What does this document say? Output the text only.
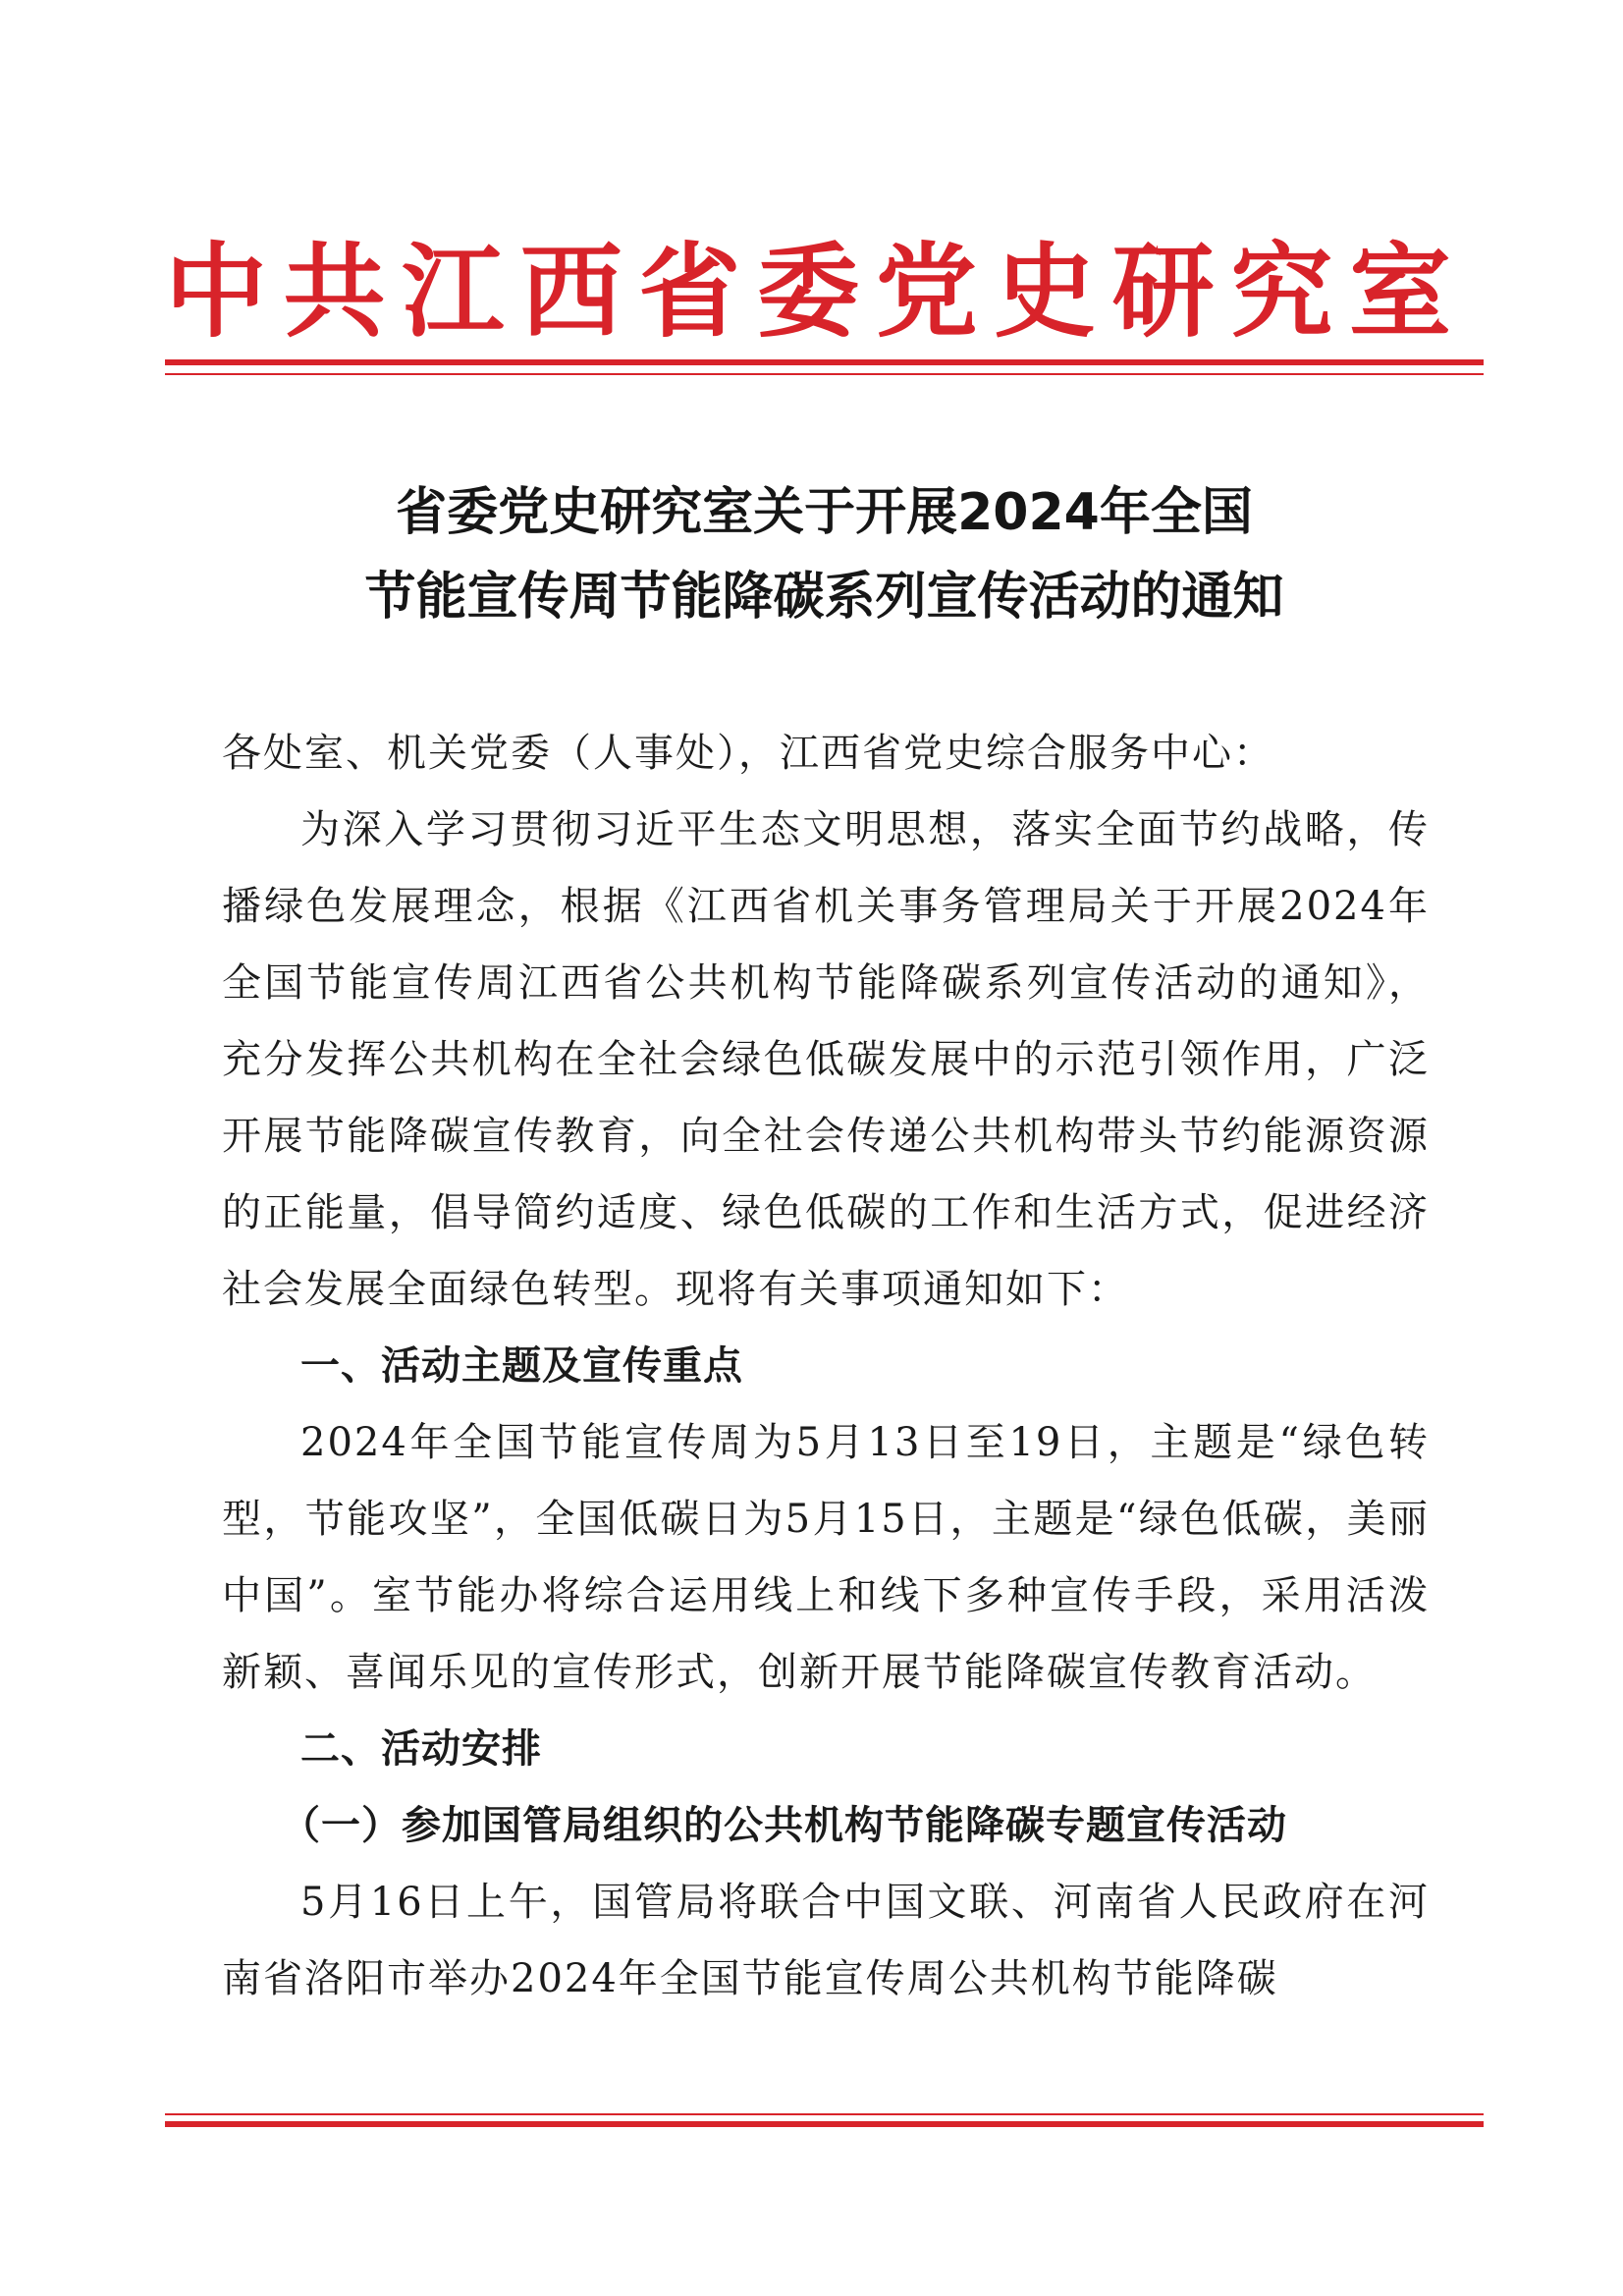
中 共 江 西 省 委 党 史 研 究 室
省委党史研究室关于开展2024年全国
节能宣传周节能降碳系列宣传活动的通知

各处室、机关党委（人事处），江西省党史综合服务中心：

为深入学习贯彻习近平生态文明思想，落实全面节约战略，传播绿色发展理念，根据《江西省机关事务管理局关于开展2024年全国节能宣传周江西省公共机构节能降碳系列宣传活动的通知》，充分发挥公共机构在全社会绿色低碳发展中的示范引领作用，广泛开展节能降碳宣传教育，向全社会传递公共机构带头节约能源资源的正能量，倡导简约适度、绿色低碳的工作和生活方式，促进经济社会发展全面绿色转型。现将有关事项通知如下：

一、活动主题及宣传重点

2024年全国节能宣传周为5月13日至19日，主题是“绿色转型，节能攻坚”，全国低碳日为5月15日，主题是“绿色低碳，美丽中国”。室节能办将综合运用线上和线下多种宣传手段，采用活泼新颖、喜闻乐见的宣传形式，创新开展节能降碳宣传教育活动。

二、活动安排

（一）参加国管局组织的公共机构节能降碳专题宣传活动

5月16日上午，国管局将联合中国文联、河南省人民政府在河南省洛阳市举办2024年全国节能宣传周公共机构节能降碳
